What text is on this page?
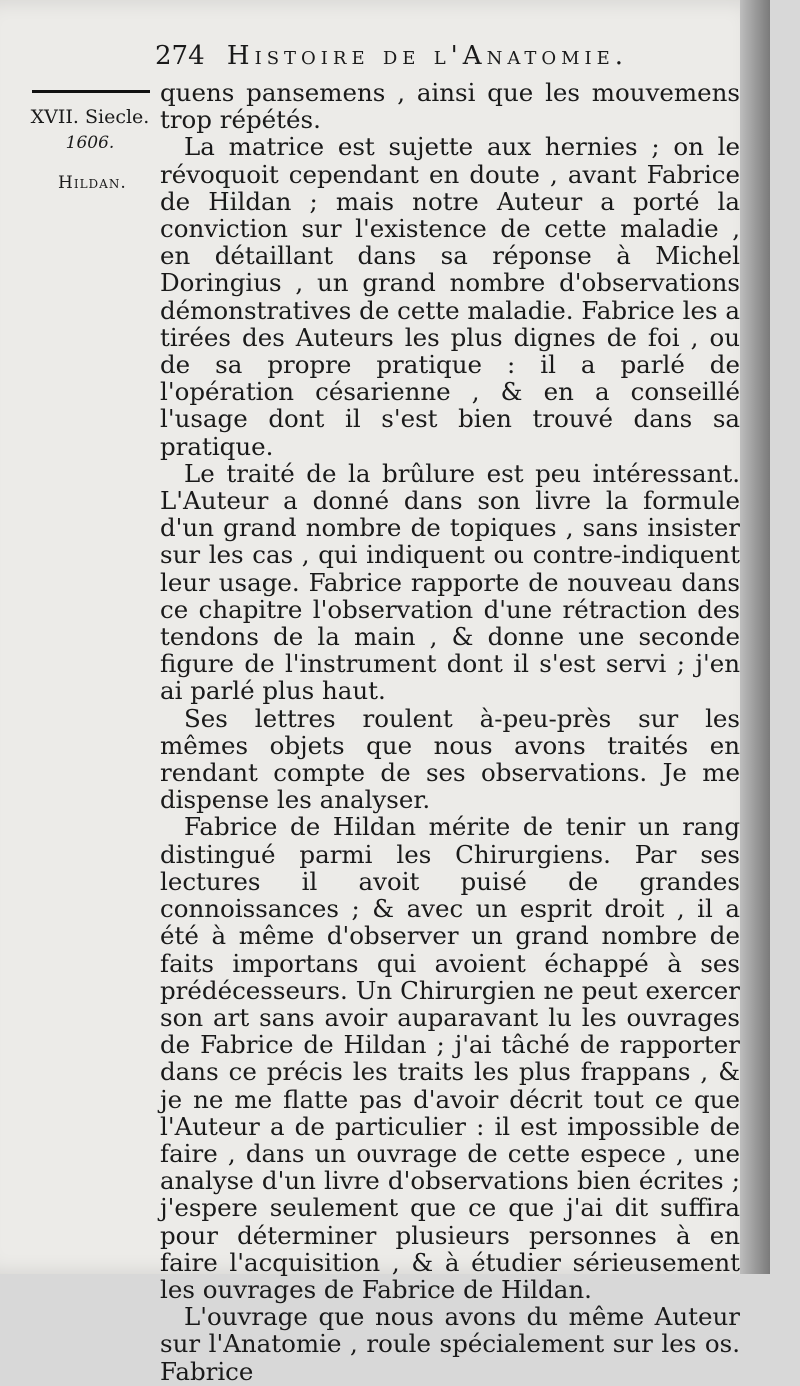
274 Histoire de l'Anatomie.
XVII. Siecle.
1606.
Hildan.

quens pansemens , ainsi que les mouvemens trop répétés.

La matrice est sujette aux hernies ; on le révoquoit cependant en doute , avant Fabrice de Hildan ; mais notre Auteur a porté la conviction sur l'existence de cette maladie , en détaillant dans sa réponse à Michel Doringius , un grand nombre d'observations démonstratives de cette maladie. Fabrice les a tirées des Auteurs les plus dignes de foi , ou de sa propre pratique : il a parlé de l'opération césarienne , & en a conseillé l'usage dont il s'est bien trouvé dans sa pratique.

Le traité de la brûlure est peu intéressant. L'Auteur a donné dans son livre la formule d'un grand nombre de topiques , sans insister sur les cas , qui indiquent ou contre-indiquent leur usage. Fabrice rapporte de nouveau dans ce chapitre l'observation d'une rétraction des tendons de la main , & donne une seconde figure de l'instrument dont il s'est servi ; j'en ai parlé plus haut.

Ses lettres roulent à-peu-près sur les mêmes objets que nous avons traités en rendant compte de ses observations. Je me dispense les analyser.

Fabrice de Hildan mérite de tenir un rang distingué parmi les Chirurgiens. Par ses lectures il avoit puisé de grandes connoissances ; & avec un esprit droit , il a été à même d'observer un grand nombre de faits importans qui avoient échappé à ses prédécesseurs. Un Chirurgien ne peut exercer son art sans avoir auparavant lu les ouvrages de Fabrice de Hildan ; j'ai tâché de rapporter dans ce précis les traits les plus frappans , & je ne me flatte pas d'avoir décrit tout ce que l'Auteur a de particulier : il est impossible de faire , dans un ouvrage de cette espece , une analyse d'un livre d'observations bien écrites ; j'espere seulement que ce que j'ai dit suffira pour déterminer plusieurs personnes à en faire l'acquisition , & à étudier sérieusement les ouvrages de Fabrice de Hildan.

L'ouvrage que nous avons du même Auteur sur l'Anatomie , roule spécialement sur les os. Fabrice
